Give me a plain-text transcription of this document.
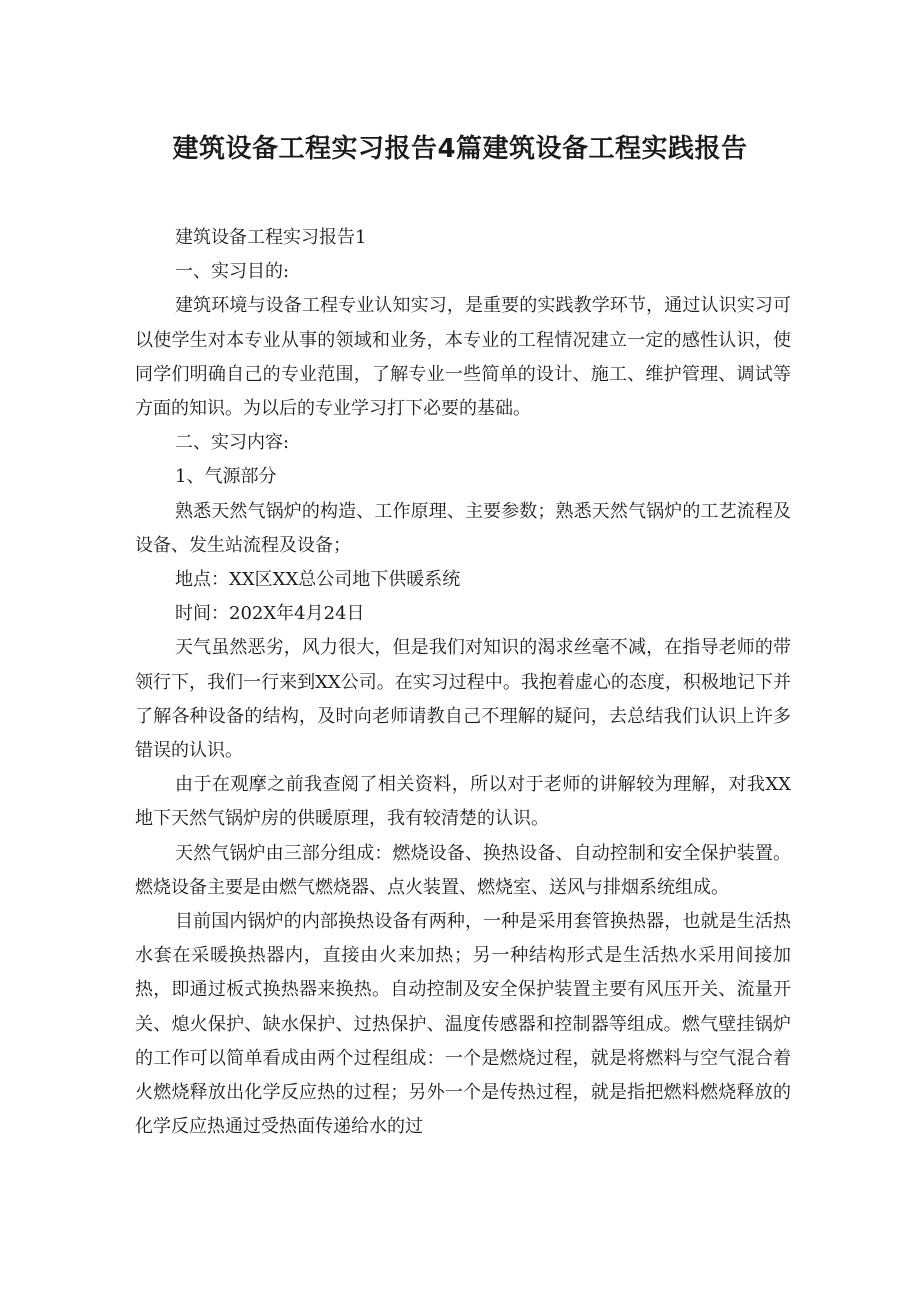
建筑设备工程实习报告4篇建筑设备工程实践报告

建筑设备工程实习报告1

一、实习目的:

建筑环境与设备工程专业认知实习，是重要的实践教学环节，通过认识实习可以使学生对本专业从事的领域和业务，本专业的工程情况建立一定的感性认识，使同学们明确自己的专业范围，了解专业一些简单的设计、施工、维护管理、调试等方面的知识。为以后的专业学习打下必要的基础。

二、实习内容:

1、气源部分

熟悉天然气锅炉的构造、工作原理、主要参数；熟悉天然气锅炉的工艺流程及设备、发生站流程及设备；

地点：XX区XX总公司地下供暖系统

时间：202X年4月24日

天气虽然恶劣，风力很大，但是我们对知识的渴求丝毫不减，在指导老师的带领行下，我们一行来到XX公司。在实习过程中。我抱着虚心的态度，积极地记下并了解各种设备的结构，及时向老师请教自己不理解的疑问，去总结我们认识上许多错误的认识。

由于在观摩之前我查阅了相关资料，所以对于老师的讲解较为理解，对我XX地下天然气锅炉房的供暖原理，我有较清楚的认识。

天然气锅炉由三部分组成：燃烧设备、换热设备、自动控制和安全保护装置。燃烧设备主要是由燃气燃烧器、点火装置、燃烧室、送风与排烟系统组成。

目前国内锅炉的内部换热设备有两种，一种是采用套管换热器，也就是生活热水套在采暖换热器内，直接由火来加热；另一种结构形式是生活热水采用间接加热，即通过板式换热器来换热。自动控制及安全保护装置主要有风压开关、流量开关、熄火保护、缺水保护、过热保护、温度传感器和控制器等组成。燃气壁挂锅炉的工作可以简单看成由两个过程组成：一个是燃烧过程，就是将燃料与空气混合着火燃烧释放出化学反应热的过程；另外一个是传热过程，就是指把燃料燃烧释放的化学反应热通过受热面传递给水的过
